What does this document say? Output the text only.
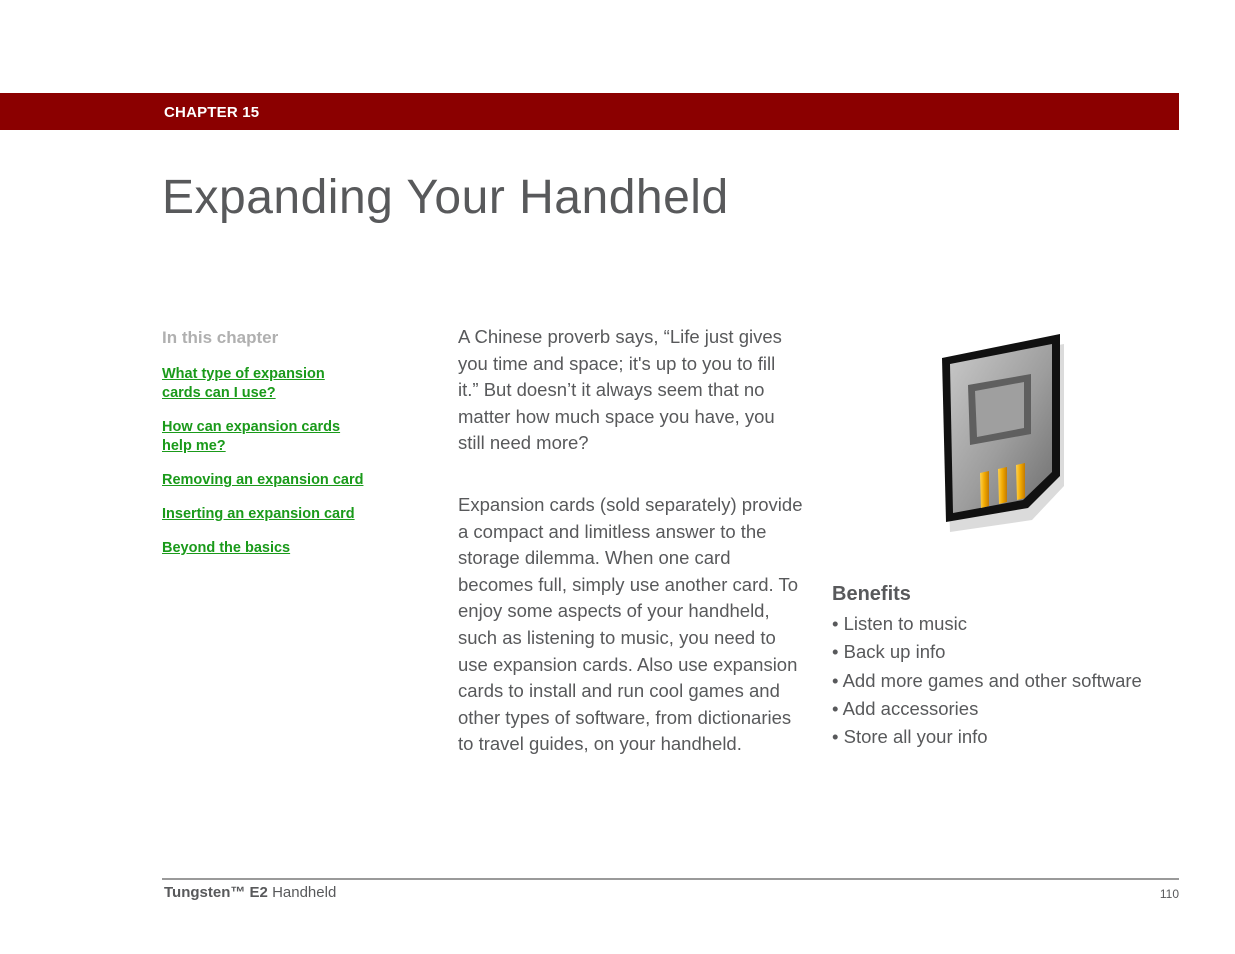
CHAPTER 15
Expanding Your Handheld
In this chapter
What type of expansion
cards can I use?
How can expansion cards
help me?
Removing an expansion card
Inserting an expansion card
Beyond the basics
A Chinese proverb says, “Life just gives you time and space; it's up to you to fill it.” But doesn’t it always seem that no matter how much space you have, you still need more?
Expansion cards (sold separately) provide a compact and limitless answer to the storage dilemma. When one card becomes full, simply use another card. To enjoy some aspects of your handheld, such as listening to music, you need to use expansion cards. Also use expansion cards to install and run cool games and other types of software, from dictionaries to travel guides, on your handheld.
Benefits
• Listen to music
• Back up info
• Add more games and other software
• Add accessories
• Store all your info
Tungsten™ E2 Handheld	110
